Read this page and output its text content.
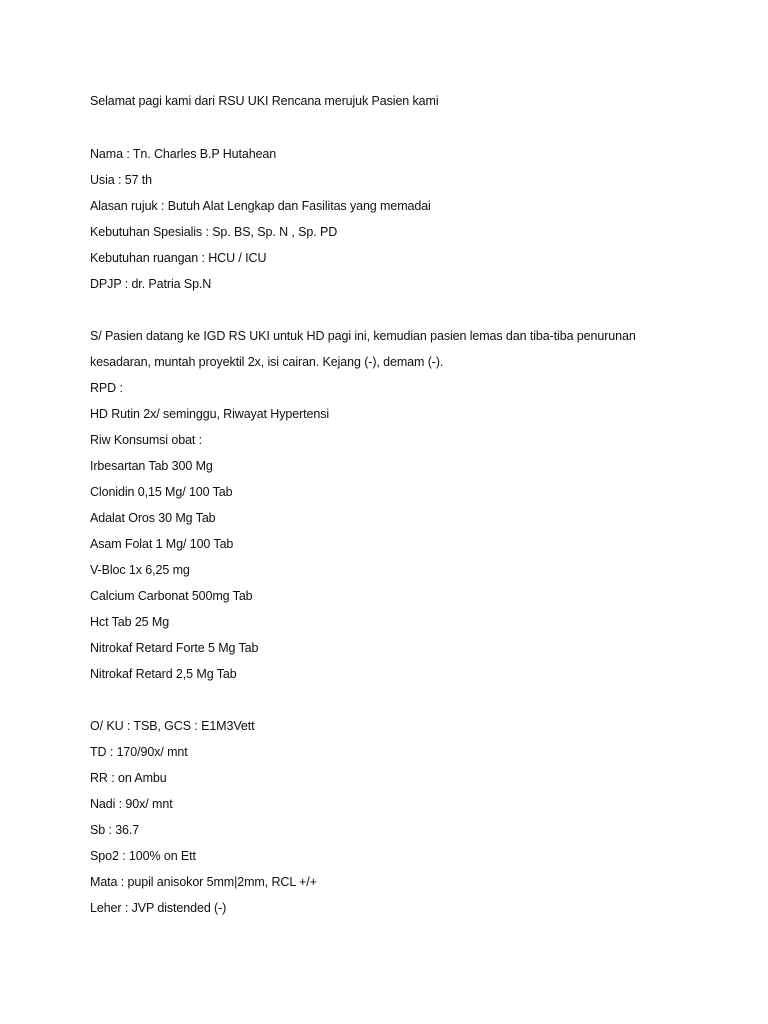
Selamat pagi kami dari RSU UKI Rencana merujuk Pasien kami
Nama : Tn. Charles B.P Hutahean
Usia : 57 th
Alasan rujuk : Butuh Alat Lengkap dan Fasilitas yang memadai
Kebutuhan Spesialis : Sp. BS, Sp. N , Sp. PD
Kebutuhan ruangan : HCU / ICU
DPJP : dr. Patria Sp.N
S/ Pasien datang ke IGD RS UKI untuk HD pagi ini, kemudian pasien lemas dan tiba-tiba penurunan
kesadaran, muntah proyektil 2x, isi cairan. Kejang (-), demam (-).
RPD :
HD Rutin 2x/ seminggu, Riwayat Hypertensi
Riw Konsumsi obat :
Irbesartan Tab 300 Mg
Clonidin 0,15 Mg/ 100 Tab
Adalat Oros 30 Mg Tab
Asam Folat 1 Mg/ 100 Tab
V-Bloc 1x 6,25 mg
Calcium Carbonat 500mg Tab
Hct Tab 25 Mg
Nitrokaf Retard Forte 5 Mg Tab
Nitrokaf Retard 2,5 Mg Tab
O/ KU : TSB, GCS : E1M3Vett
TD : 170/90x/ mnt
RR : on Ambu
Nadi : 90x/ mnt
Sb : 36.7
Spo2 : 100% on Ett
Mata : pupil anisokor 5mm|2mm, RCL +/+
Leher : JVP distended (-)
